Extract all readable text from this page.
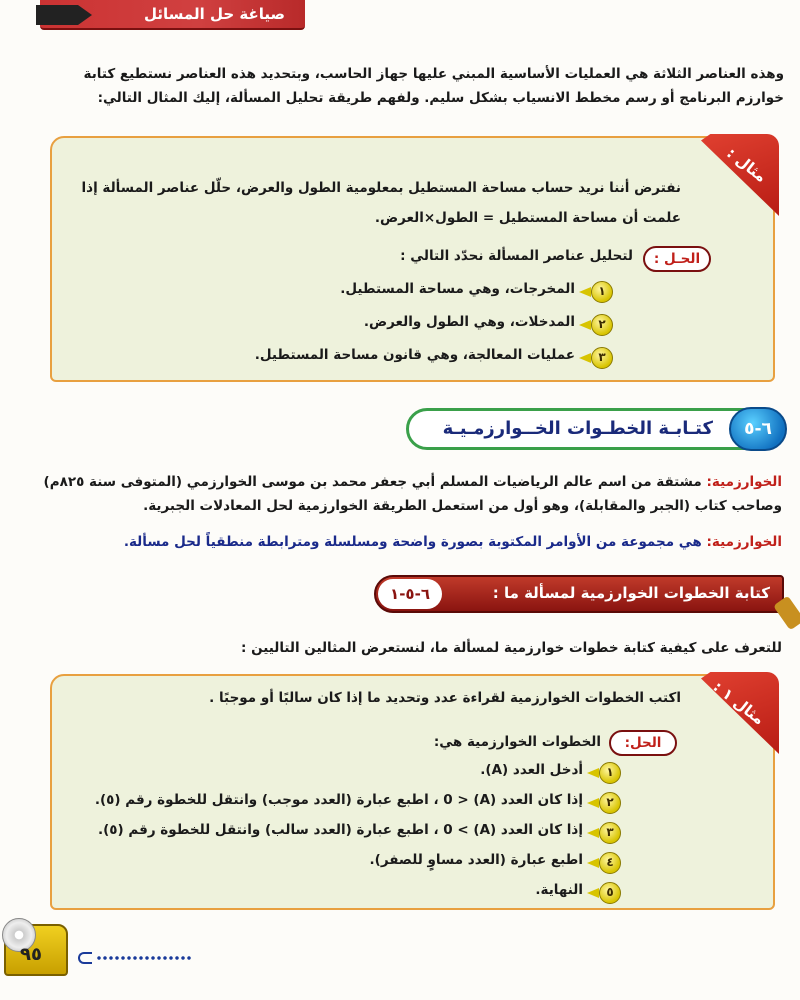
صياغة حل المسائل
وهذه العناصر الثلاثة هي العمليات الأساسية المبني عليها جهاز الحاسب، وبتحديد هذه العناصر نستطيع كتابة
خوارزم البرنامج أو رسم مخطط الانسياب بشكل سليم. ولفهم طريقة تحليل المسألة، إليك المثال التالي:
مثال :
نفترض أننا نريد حساب مساحة المستطيل بمعلومية الطول والعرض، حلّل عناصر المسألة إذا
علمت أن مساحة المستطيل = الطول×العرض.
الحـل :
لتحليل عناصر المسألة نحدّد التالي :
١
المخرجات، وهي مساحة المستطيل.
٢
المدخلات، وهي الطول والعرض.
٣
عمليات المعالجة، وهي قانون مساحة المستطيل.
٦-٥
كتـابـة الخطـوات الخــوارزمـيـة
الخوارزمية: مشتقة من اسم عالم الرياضيات المسلم أبي جعفر محمد بن موسى الخوارزمي (المتوفى سنة ٨٢٥م)
وصاحب كتاب (الجبر والمقابلة)، وهو أول من استعمل الطريقة الخوارزمية لحل المعادلات الجبرية.
الخوارزمية: هي مجموعة من الأوامر المكتوبة بصورة واضحة ومسلسلة ومترابطة منطقياً لحل مسألة.
كتابة الخطوات الخوارزمية لمسألة ما :
٦-٥-١
للتعرف على كيفية كتابة خطوات خوارزمية لمسألة ما، لنستعرض المثالين التاليين :
مثال ١ :
اكتب الخطوات الخوارزمية لقراءة عدد وتحديد ما إذا كان سالبًا أو موجبًا .
الحل:
الخطوات الخوارزمية هي:
١
أدخل العدد (A).
٢
إذا كان العدد (A) < 0 ، اطبع عبارة (العدد موجب) وانتقل للخطوة رقم (٥).
٣
إذا كان العدد (A) > 0 ، اطبع عبارة (العدد سالب) وانتقل للخطوة رقم (٥).
٤
اطبع عبارة (العدد مساوٍ للصفر).
٥
النهاية.
٩٥
